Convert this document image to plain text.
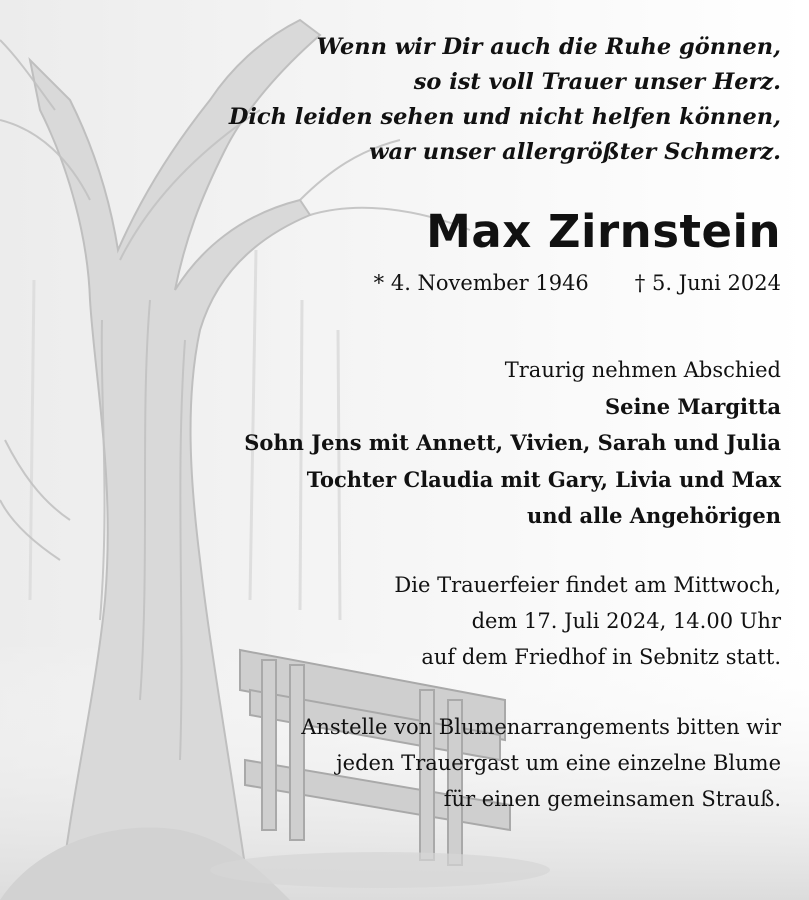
Wenn wir Dir auch die Ruhe gönnen,
so ist voll Trauer unser Herz.
Dich leiden sehen und nicht helfen können,
war unser allergrößter Schmerz.
Max Zirnstein
* 4. November 1946 † 5. Juni 2024
Traurig nehmen Abschied
Seine Margitta
Sohn Jens mit Annett, Vivien, Sarah und Julia
Tochter Claudia mit Gary, Livia und Max
und alle Angehörigen
Die Trauerfeier findet am Mittwoch,
dem 17. Juli 2024, 14.00 Uhr
auf dem Friedhof in Sebnitz statt.
Anstelle von Blumenarrangements bitten wir
jeden Trauergast um eine einzelne Blume
für einen gemeinsamen Strauß.
